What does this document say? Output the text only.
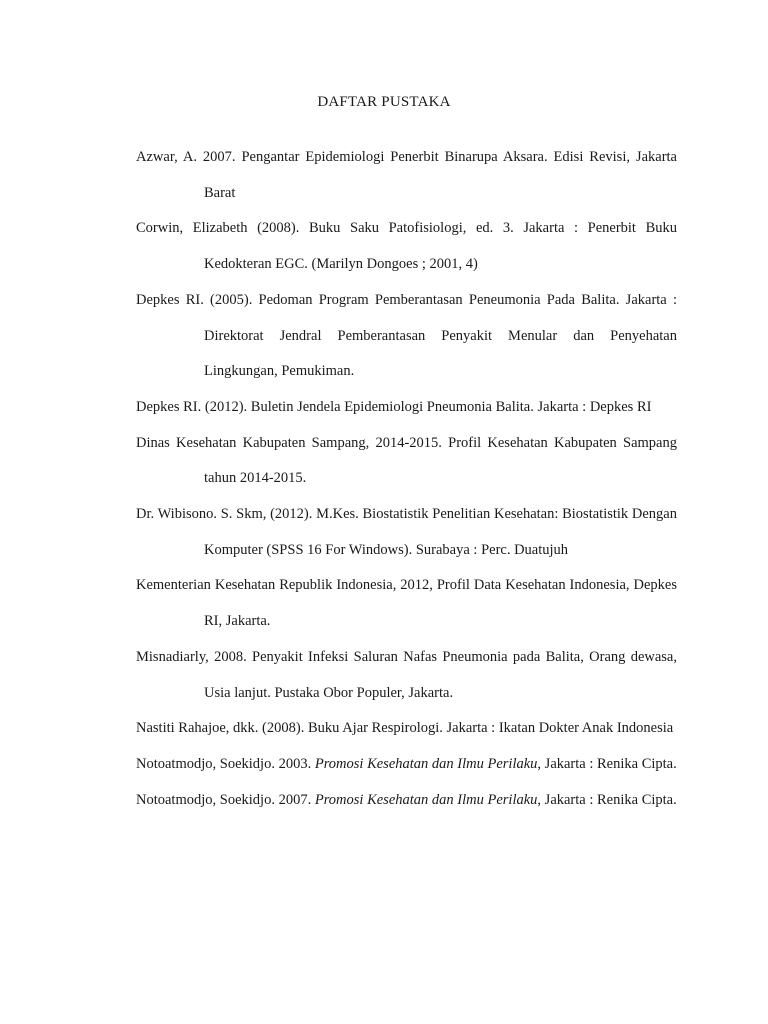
DAFTAR PUSTAKA

Azwar, A. 2007. Pengantar Epidemiologi Penerbit Binarupa Aksara. Edisi Revisi, Jakarta Barat

Corwin, Elizabeth (2008). Buku Saku Patofisiologi, ed. 3. Jakarta : Penerbit Buku Kedokteran EGC. (Marilyn Dongoes ; 2001, 4)

Depkes RI. (2005). Pedoman Program Pemberantasan Peneumonia Pada Balita. Jakarta : Direktorat Jendral Pemberantasan Penyakit Menular dan Penyehatan Lingkungan, Pemukiman.

Depkes RI. (2012). Buletin Jendela Epidemiologi Pneumonia Balita. Jakarta : Depkes RI

Dinas Kesehatan Kabupaten Sampang, 2014-2015. Profil Kesehatan Kabupaten Sampang tahun 2014-2015.

Dr. Wibisono. S. Skm, (2012). M.Kes. Biostatistik Penelitian Kesehatan: Biostatistik Dengan Komputer (SPSS 16 For Windows). Surabaya : Perc. Duatujuh

Kementerian Kesehatan Republik Indonesia, 2012, Profil Data Kesehatan Indonesia, Depkes RI, Jakarta.

Misnadiarly, 2008. Penyakit Infeksi Saluran Nafas Pneumonia pada Balita, Orang dewasa, Usia lanjut. Pustaka Obor Populer, Jakarta.

Nastiti Rahajoe, dkk. (2008). Buku Ajar Respirologi. Jakarta : Ikatan Dokter Anak Indonesia

Notoatmodjo, Soekidjo. 2003. Promosi Kesehatan dan Ilmu Perilaku, Jakarta : Renika Cipta.

Notoatmodjo, Soekidjo. 2007. Promosi Kesehatan dan Ilmu Perilaku, Jakarta : Renika Cipta.
